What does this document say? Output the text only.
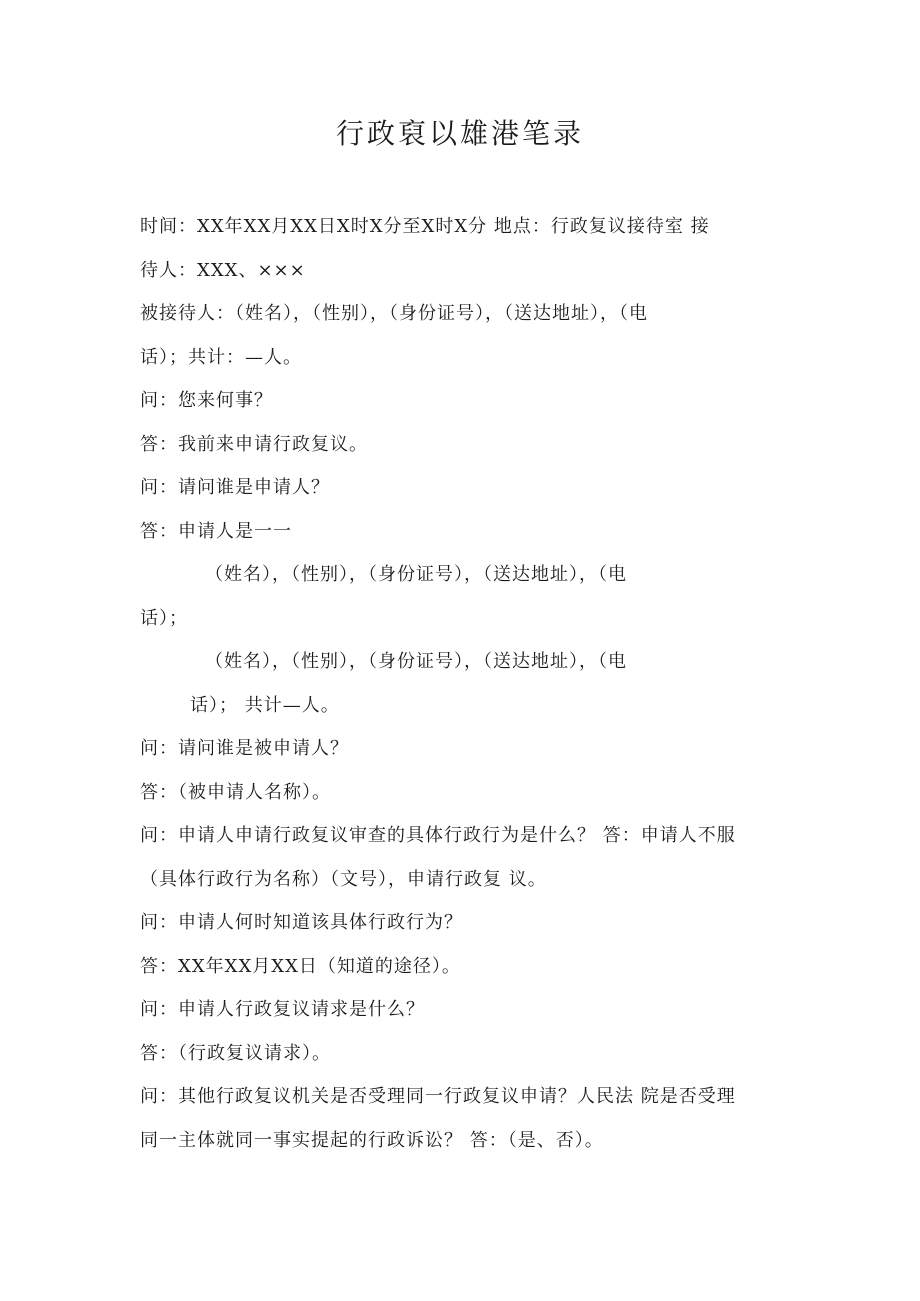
行政裒以雄港笔录
时间：XX年XX月XX日X时X分至X时X分 地点：行政复议接待室 接
待人：XXX、×××
被接待人：（姓名），（性别），（身份证号），（送达地址），（电
话）；共计：—人。
问：您来何事？
答：我前来申请行政复议。
问：请问谁是申请人？
答：申请人是一一
（姓名），（性别），（身份证号），（送达地址），（电
话）；
（姓名），（性别），（身份证号），（送达地址），（电
话）； 共计—人。
问：请问谁是被申请人？
答：（被申请人名称）。
问：申请人申请行政复议审查的具体行政行为是什么？ 答：申请人不服
（具体行政行为名称）（文号），申请行政复 议。
问：申请人何时知道该具体行政行为？
答：XX年XX月XX日（知道的途径）。
问：申请人行政复议请求是什么？
答：（行政复议请求）。
问：其他行政复议机关是否受理同一行政复议申请？人民法 院是否受理
同一主体就同一事实提起的行政诉讼？ 答：（是、否）。
